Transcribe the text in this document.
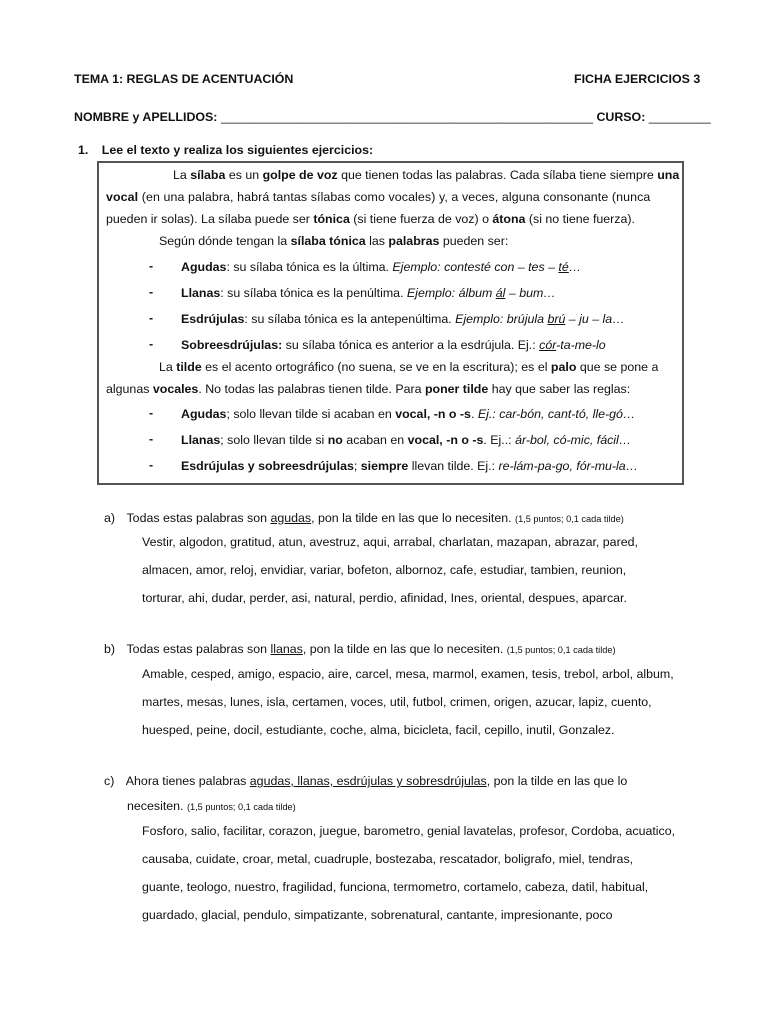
TEMA 1: REGLAS DE ACENTUACIÓN	FICHA EJERCICIOS 3
NOMBRE y APELLIDOS: ______________________________________________________ CURSO: _________
1. Lee el texto y realiza los siguientes ejercicios:

La sílaba es un golpe de voz que tienen todas las palabras. Cada sílaba tiene siempre una

vocal (en una palabra, habrá tantas sílabas como vocales) y, a veces, alguna consonante (nunca

pueden ir solas). La sílaba puede ser tónica (si tiene fuerza de voz) o átona (si no tiene fuerza).

Según dónde tengan la sílaba tónica las palabras pueden ser:

- Agudas: su sílaba tónica es la última. Ejemplo: contesté con – tes – té…

- Llanas: su sílaba tónica es la penúltima. Ejemplo: álbum ál – bum…

- Esdrújulas: su sílaba tónica es la antepenúltima. Ejemplo: brújula brú – ju – la…

- Sobreesdrújulas: su sílaba tónica es anterior a la esdrújula. Ej.: cór-ta-me-lo

La tilde es el acento ortográfico (no suena, se ve en la escritura); es el palo que se pone a

algunas vocales. No todas las palabras tienen tilde. Para poner tilde hay que saber las reglas:

- Agudas; solo llevan tilde si acaban en vocal, -n o -s. Ej.: car-bón, cant-tó, lle-gó…

- Llanas; solo llevan tilde si no acaban en vocal, -n o -s. Ej..: ár-bol, có-mic, fácil…

- Esdrújulas y sobreesdrújulas; siempre llevan tilde. Ej.: re-lám-pa-go, fór-mu-la…

a) Todas estas palabras son agudas, pon la tilde en las que lo necesiten. (1,5 puntos; 0,1 cada tilde)
Vestir, algodon, gratitud, atun, avestruz, aqui, arrabal, charlatan, mazapan, abrazar, pared,
almacen, amor, reloj, envidiar, variar, bofeton, albornoz, cafe, estudiar, tambien, reunion,
torturar, ahi, dudar, perder, asi, natural, perdio, afinidad, Ines, oriental, despues, aparcar.
b) Todas estas palabras son llanas, pon la tilde en las que lo necesiten. (1,5 puntos; 0,1 cada tilde)
Amable, cesped, amigo, espacio, aire, carcel, mesa, marmol, examen, tesis, trebol, arbol, album,
martes, mesas, lunes, isla, certamen, voces, util, futbol, crimen, origen, azucar, lapiz, cuento,
huesped, peine, docil, estudiante, coche, alma, bicicleta, facil, cepillo, inutil, Gonzalez.
c) Ahora tienes palabras agudas, llanas, esdrújulas y sobresdrújulas, pon la tilde en las que lo
necesiten. (1,5 puntos; 0,1 cada tilde)
Fosforo, salio, facilitar, corazon, juegue, barometro, genial lavatelas, profesor, Cordoba, acuatico,
causaba, cuidate, croar, metal, cuadruple, bostezaba, rescatador, boligrafo, miel, tendras,
guante, teologo, nuestro, fragilidad, funciona, termometro, cortamelo, cabeza, datil, habitual,
guardado, glacial, pendulo, simpatizante, sobrenatural, cantante, impresionante, poco
